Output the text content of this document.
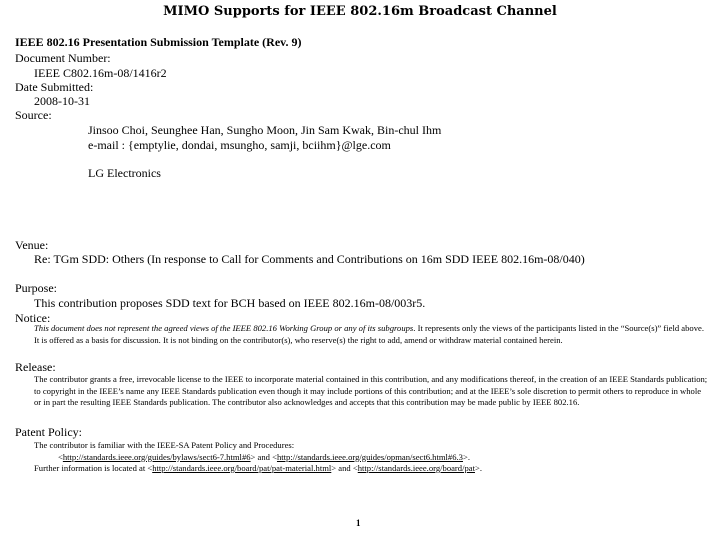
MIMO Supports for IEEE 802.16m Broadcast Channel
IEEE 802.16 Presentation Submission Template (Rev. 9)
Document Number:
IEEE C802.16m-08/1416r2
Date Submitted:
2008-10-31
Source:
Jinsoo Choi, Seunghee Han, Sungho Moon, Jin Sam Kwak, Bin-chul Ihm
e-mail : {emptylie, dondai, msungho, samji, bciihm}@lge.com
LG Electronics
Venue:
Re: TGm SDD: Others (In response to Call for Comments and Contributions on 16m SDD IEEE 802.16m-08/040)
Purpose:
This contribution proposes SDD text for BCH based on IEEE 802.16m-08/003r5.
Notice:
This document does not represent the agreed views of the IEEE 802.16 Working Group or any of its subgroups. It represents only the views of the participants listed in the “Source(s)” field above. It is offered as a basis for discussion. It is not binding on the contributor(s), who reserve(s) the right to add, amend or withdraw material contained herein.
Release:
The contributor grants a free, irrevocable license to the IEEE to incorporate material contained in this contribution, and any modifications thereof, in the creation of an IEEE Standards publication; to copyright in the IEEE’s name any IEEE Standards publication even though it may include portions of this contribution; and at the IEEE’s sole discretion to permit others to reproduce in whole or in part the resulting IEEE Standards publication. The contributor also acknowledges and accepts that this contribution may be made public by IEEE 802.16.
Patent Policy:
The contributor is familiar with the IEEE-SA Patent Policy and Procedures:
<http://standards.ieee.org/guides/bylaws/sect6-7.html#6> and <http://standards.ieee.org/guides/opman/sect6.html#6.3>.
Further information is located at <http://standards.ieee.org/board/pat/pat-material.html> and <http://standards.ieee.org/board/pat>.
1
